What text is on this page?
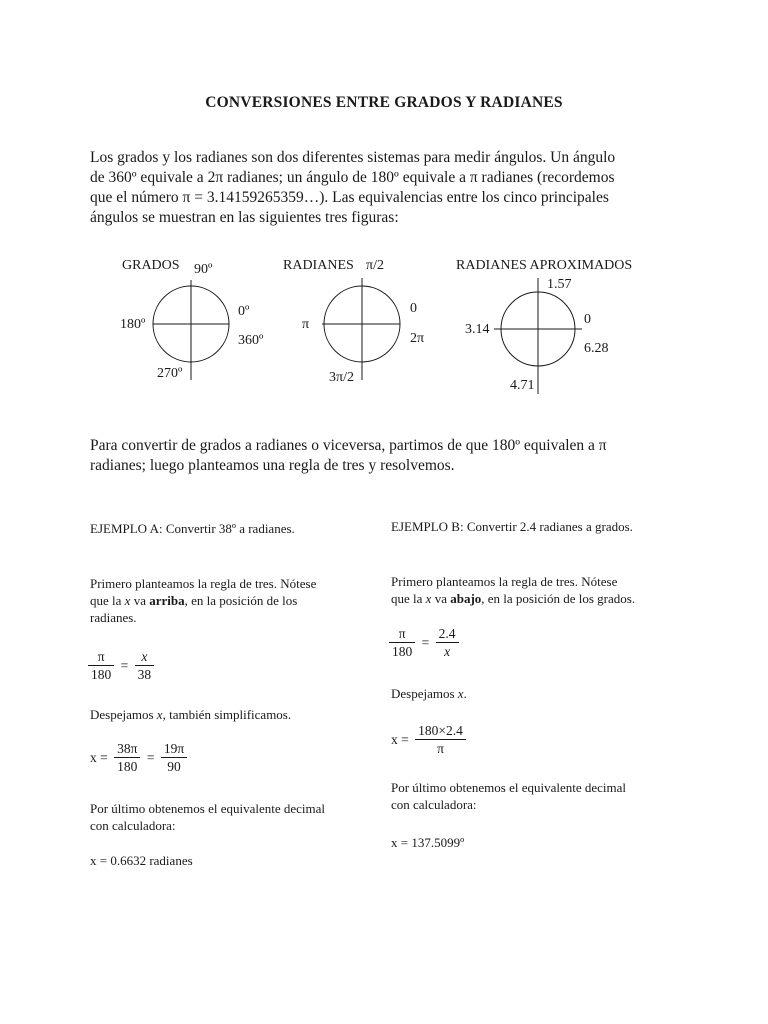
CONVERSIONES ENTRE GRADOS Y RADIANES
Los grados y los radianes son dos diferentes sistemas para medir ángulos. Un ángulo
de 360º equivale a 2π radianes; un ángulo de 180º equivale a π radianes (recordemos
que el número π = 3.14159265359…). Las equivalencias entre los cinco principales
ángulos se muestran en las siguientes tres figuras:
GRADOS 90º
180º
0º
360º
270º
RADIANES π/2
π
0
2π
3π/2
RADIANES APROXIMADOS
1.57
3.14
0
6.28
4.71
Para convertir de grados a radianes o viceversa, partimos de que 180º equivalen a π
radianes; luego planteamos una regla de tres y resolvemos.
EJEMPLO A: Convertir 38º a radianes.
Primero planteamos la regla de tres. Nótese
que la x va arriba, en la posición de los
radianes.
$\frac{\pi}{180} = \frac{x}{38}$
Despejamos x, también simplificamos.
$x = \frac{38\pi}{180} = \frac{19\pi}{90}$
Por último obtenemos el equivalente decimal
con calculadora:
x = 0.6632 radianes
EJEMPLO B: Convertir 2.4 radianes a grados.
Primero planteamos la regla de tres. Nótese
que la x va abajo, en la posición de los grados.
$\frac{\pi}{180} = \frac{2.4}{x}$
Despejamos x.
$x = \frac{180\times 2.4}{\pi}$
Por último obtenemos el equivalente decimal
con calculadora:
x = 137.5099º
